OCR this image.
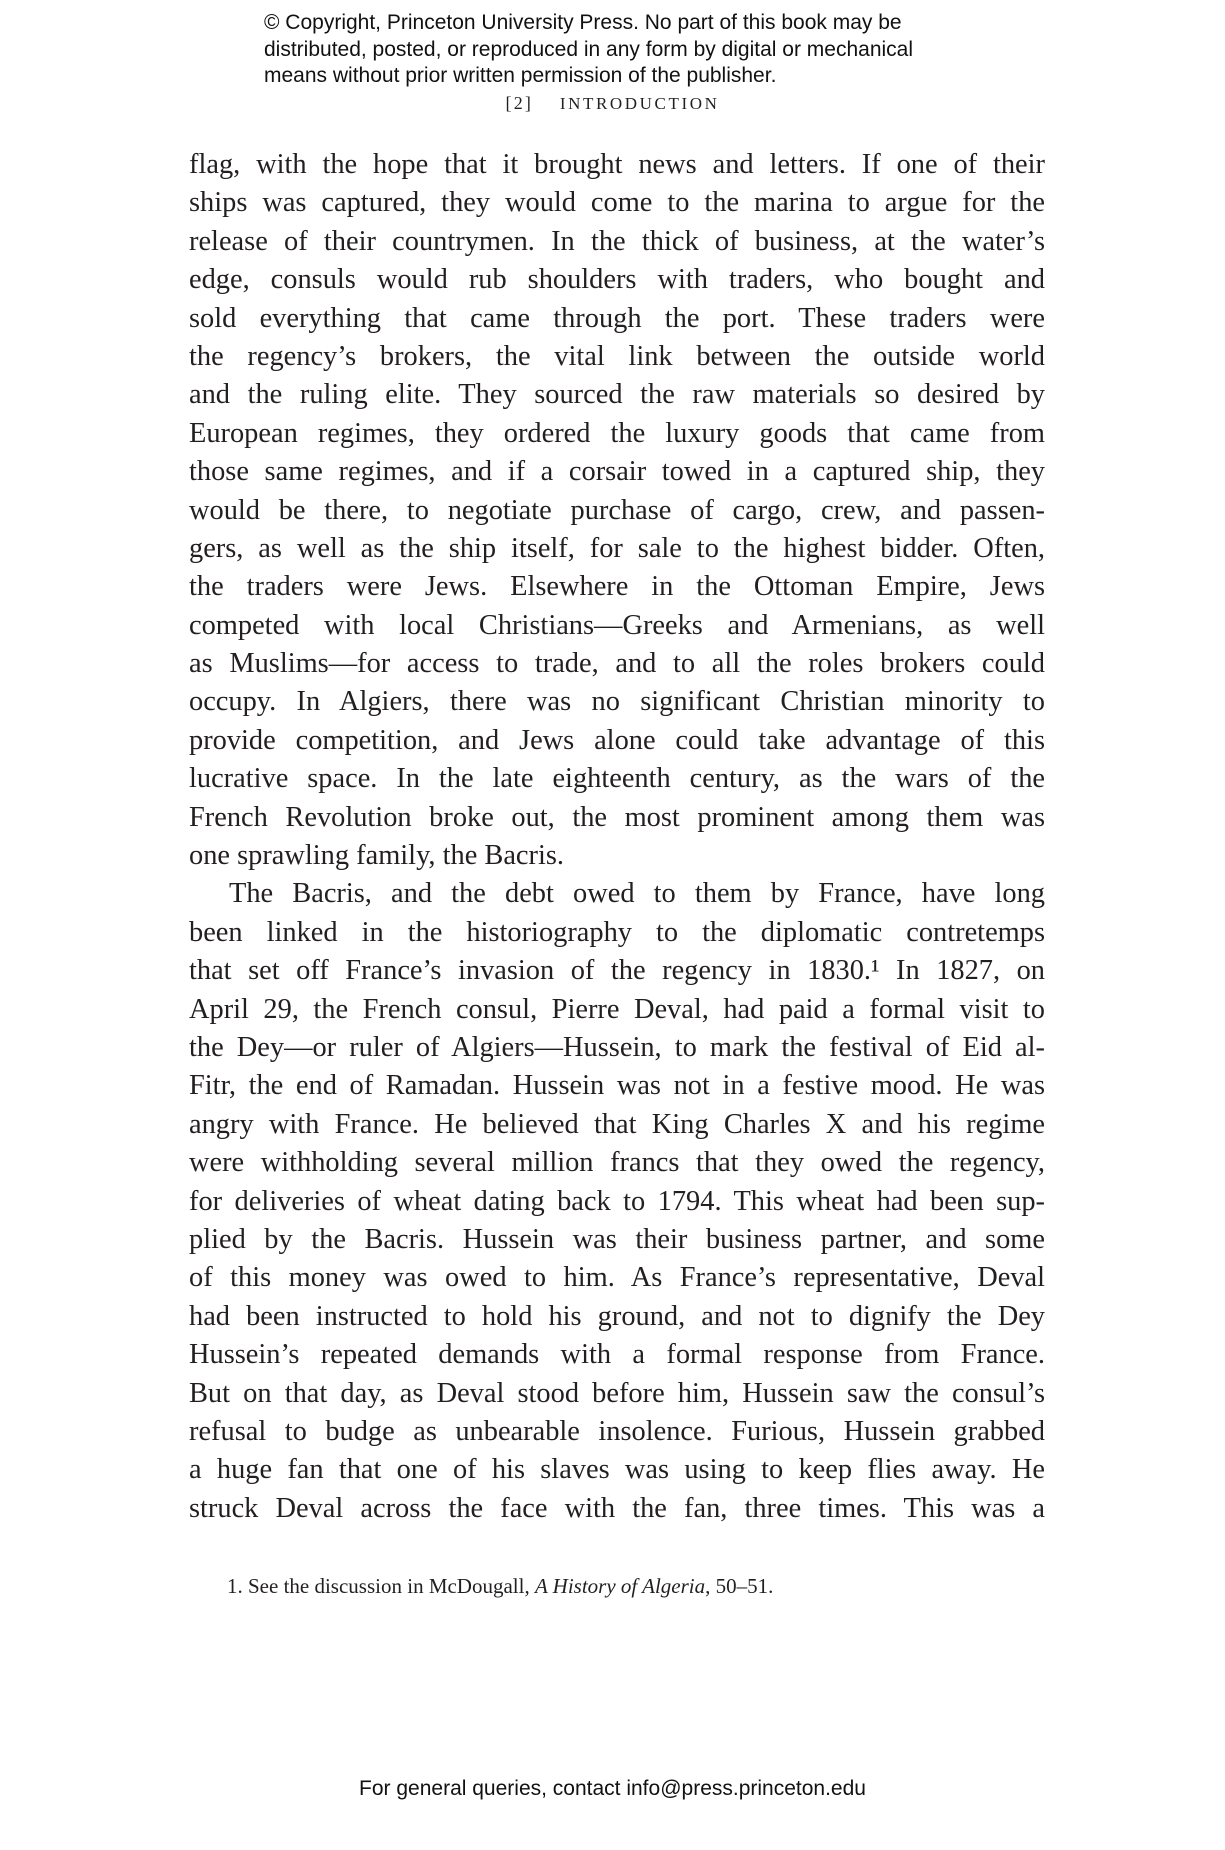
© Copyright, Princeton University Press. No part of this book may be
distributed, posted, or reproduced in any form by digital or mechanical
means without prior written permission of the publisher.
[2] INTRODUCTION
flag, with the hope that it brought news and letters. If one of their
ships was captured, they would come to the marina to argue for the
release of their countrymen. In the thick of business, at the water’s
edge, consuls would rub shoulders with traders, who bought and
sold everything that came through the port. These traders were
the regency’s brokers, the vital link between the outside world
and the ruling elite. They sourced the raw materials so desired by
European regimes, they ordered the luxury goods that came from
those same regimes, and if a corsair towed in a captured ship, they
would be there, to negotiate purchase of cargo, crew, and passen-
gers, as well as the ship itself, for sale to the highest bidder. Often,
the traders were Jews. Elsewhere in the Ottoman Empire, Jews
competed with local Christians—Greeks and Armenians, as well
as Muslims—for access to trade, and to all the roles brokers could
occupy. In Algiers, there was no significant Christian minority to
provide competition, and Jews alone could take advantage of this
lucrative space. In the late eighteenth century, as the wars of the
French Revolution broke out, the most prominent among them was
one sprawling family, the Bacris.
The Bacris, and the debt owed to them by France, have long
been linked in the historiography to the diplomatic contretemps
that set off France’s invasion of the regency in 1830.¹ In 1827, on
April 29, the French consul, Pierre Deval, had paid a formal visit to
the Dey—or ruler of Algiers—Hussein, to mark the festival of Eid al-
Fitr, the end of Ramadan. Hussein was not in a festive mood. He was
angry with France. He believed that King Charles X and his regime
were withholding several million francs that they owed the regency,
for deliveries of wheat dating back to 1794. This wheat had been sup-
plied by the Bacris. Hussein was their business partner, and some
of this money was owed to him. As France’s representative, Deval
had been instructed to hold his ground, and not to dignify the Dey
Hussein’s repeated demands with a formal response from France.
But on that day, as Deval stood before him, Hussein saw the consul’s
refusal to budge as unbearable insolence. Furious, Hussein grabbed
a huge fan that one of his slaves was using to keep flies away. He
struck Deval across the face with the fan, three times. This was a
1. See the discussion in McDougall, A History of Algeria, 50–51.
For general queries, contact info@press.princeton.edu
